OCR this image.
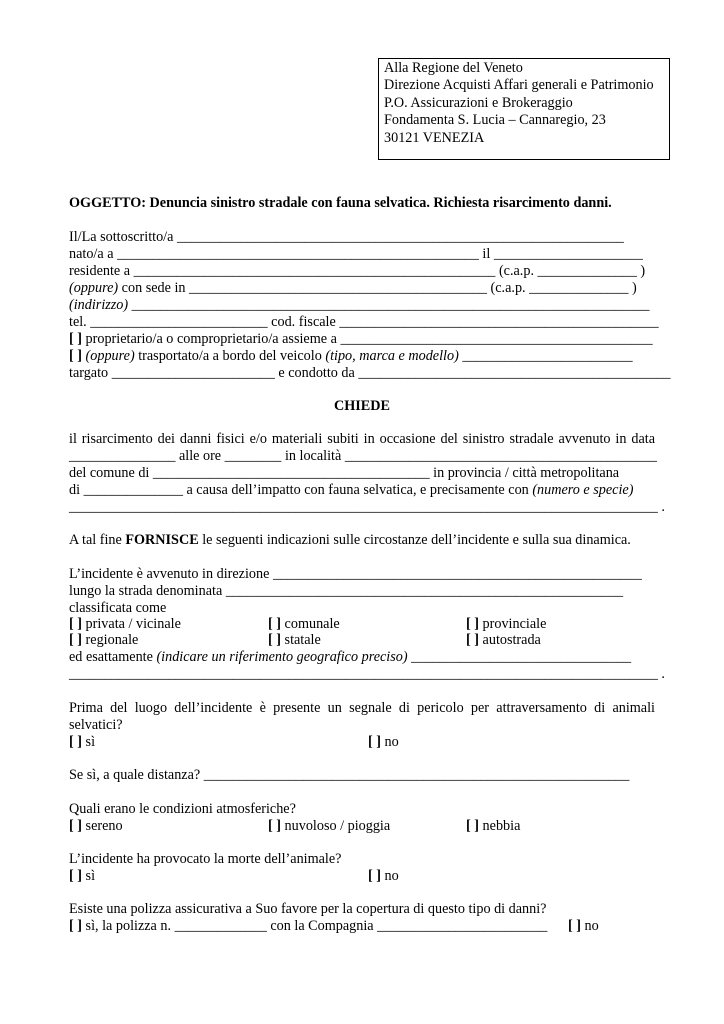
Alla Regione del Veneto
Direzione Acquisti Affari generali e Patrimonio
P.O. Assicurazioni e Brokeraggio
Fondamenta S. Lucia – Cannaregio, 23
30121 VENEZIA
OGGETTO: Denuncia sinistro stradale con fauna selvatica. Richiesta risarcimento danni.
Il/La sottoscritto/a _______________________________________________________________
nato/a a ___________________________________________________ il _____________________
residente a ___________________________________________________ (c.a.p. ______________ )
(oppure) con sede in __________________________________________ (c.a.p. ______________ )
(indirizzo) _________________________________________________________________________
tel. _________________________ cod. fiscale _____________________________________________
[ ] proprietario/a o comproprietario/a assieme a ____________________________________________
[ ] (oppure) trasportato/a a bordo del veicolo (tipo, marca e modello) ________________________
targato _______________________ e condotto da ____________________________________________
CHIEDE
il risarcimento dei danni fisici e/o materiali subiti in occasione del sinistro stradale avvenuto in data
_______________ alle ore ________ in località ____________________________________________
del comune di _______________________________________ in provincia / città metropolitana
di ______________ a causa dell’impatto con fauna selvatica, e precisamente con (numero e specie)
___________________________________________________________________________________ .
A tal fine FORNISCE le seguenti indicazioni sulle circostanze dell’incidente e sulla sua dinamica.
L’incidente è avvenuto in direzione ____________________________________________________
lungo la strada denominata ________________________________________________________
classificata come
[ ] privata / vicinale	[ ] comunale	[ ] provinciale
[ ] regionale	[ ] statale	[ ] autostrada
ed esattamente (indicare un riferimento geografico preciso) _______________________________
___________________________________________________________________________________ .
Prima del luogo dell’incidente è presente un segnale di pericolo per attraversamento di animali
selvatici?
[ ] sì	[ ] no
Se sì, a quale distanza? ____________________________________________________________
Quali erano le condizioni atmosferiche?
[ ] sereno	[ ] nuvoloso / pioggia	[ ] nebbia
L’incidente ha provocato la morte dell’animale?
[ ] sì	[ ] no
Esiste una polizza assicurativa a Suo favore per la copertura di questo tipo di danni?
[ ] sì, la polizza n. _____________ con la Compagnia ________________________ [ ] no
